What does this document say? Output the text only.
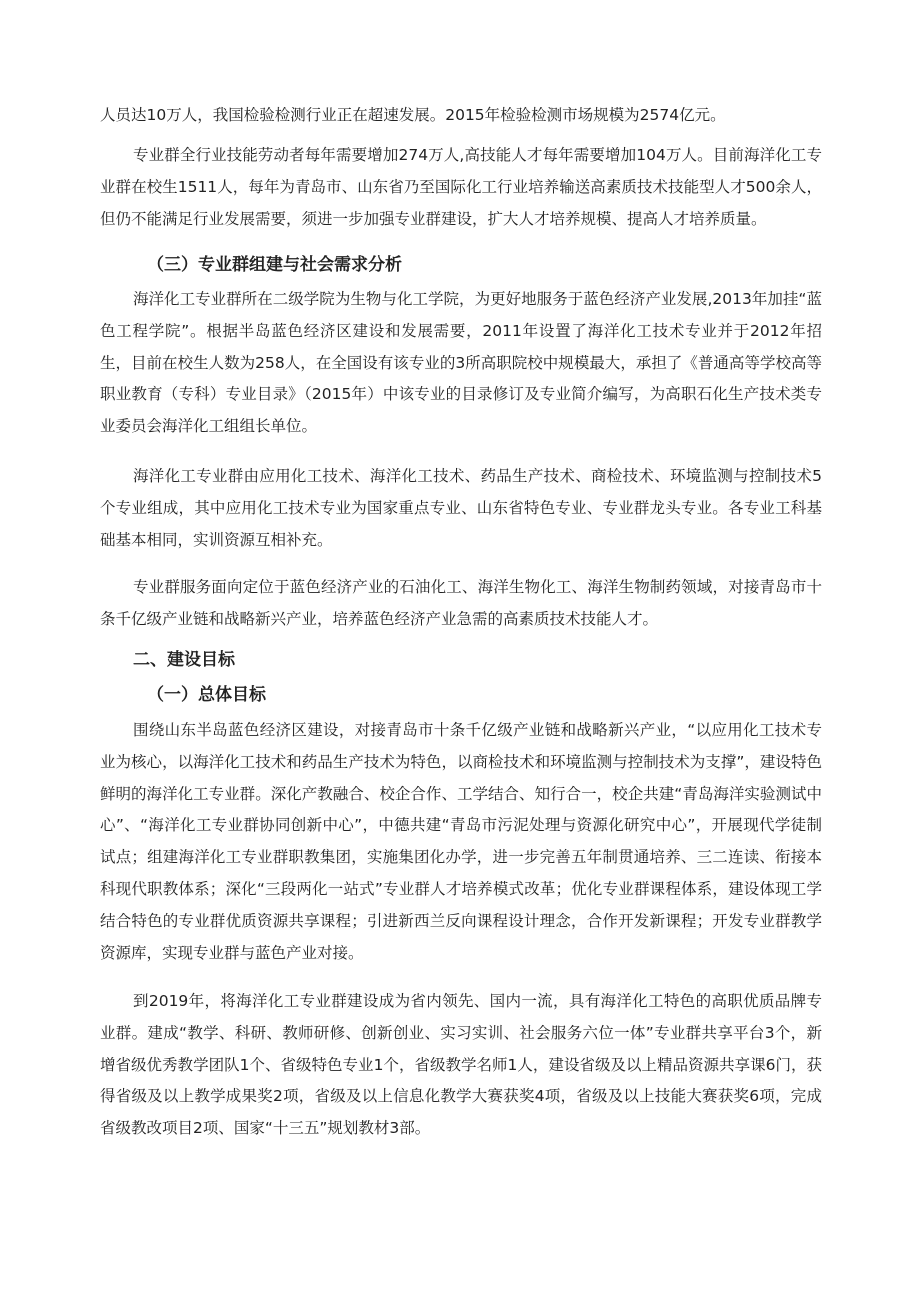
人员达10万人，我国检验检测行业正在超速发展。2015年检验检测市场规模为2574亿元。

专业群全行业技能劳动者每年需要增加274万人,高技能人才每年需要增加104万人。目前海洋化工专业群在校生1511人，每年为青岛市、山东省乃至国际化工行业培养输送高素质技术技能型人才500余人，但仍不能满足行业发展需要，须进一步加强专业群建设，扩大人才培养规模、提高人才培养质量。

（三）专业群组建与社会需求分析

海洋化工专业群所在二级学院为生物与化工学院，为更好地服务于蓝色经济产业发展,2013年加挂“蓝色工程学院”。根据半岛蓝色经济区建设和发展需要，2011年设置了海洋化工技术专业并于2012年招生，目前在校生人数为258人，在全国设有该专业的3所高职院校中规模最大，承担了《普通高等学校高等职业教育（专科）专业目录》（2015年）中该专业的目录修订及专业简介编写，为高职石化生产技术类专业委员会海洋化工组组长单位。

海洋化工专业群由应用化工技术、海洋化工技术、药品生产技术、商检技术、环境监测与控制技术5个专业组成，其中应用化工技术专业为国家重点专业、山东省特色专业、专业群龙头专业。各专业工科基础基本相同，实训资源互相补充。

专业群服务面向定位于蓝色经济产业的石油化工、海洋生物化工、海洋生物制药领域，对接青岛市十条千亿级产业链和战略新兴产业，培养蓝色经济产业急需的高素质技术技能人才。

二、建设目标
（一）总体目标

围绕山东半岛蓝色经济区建设，对接青岛市十条千亿级产业链和战略新兴产业，“以应用化工技术专业为核心，以海洋化工技术和药品生产技术为特色，以商检技术和环境监测与控制技术为支撑”，建设特色鲜明的海洋化工专业群。深化产教融合、校企合作、工学结合、知行合一，校企共建“青岛海洋实验测试中心”、“海洋化工专业群协同创新中心”，中德共建“青岛市污泥处理与资源化研究中心”，开展现代学徒制试点；组建海洋化工专业群职教集团，实施集团化办学，进一步完善五年制贯通培养、三二连读、衔接本科现代职教体系；深化“三段两化一站式”专业群人才培养模式改革；优化专业群课程体系，建设体现工学结合特色的专业群优质资源共享课程；引进新西兰反向课程设计理念，合作开发新课程；开发专业群教学资源库，实现专业群与蓝色产业对接。

到2019年，将海洋化工专业群建设成为省内领先、国内一流，具有海洋化工特色的高职优质品牌专业群。建成“教学、科研、教师研修、创新创业、实习实训、社会服务六位一体”专业群共享平台3个，新增省级优秀教学团队1个、省级特色专业1个，省级教学名师1人，建设省级及以上精品资源共享课6门，获得省级及以上教学成果奖2项，省级及以上信息化教学大赛获奖4项，省级及以上技能大赛获奖6项，完成省级教改项目2项、国家“十三五”规划教材3部。
